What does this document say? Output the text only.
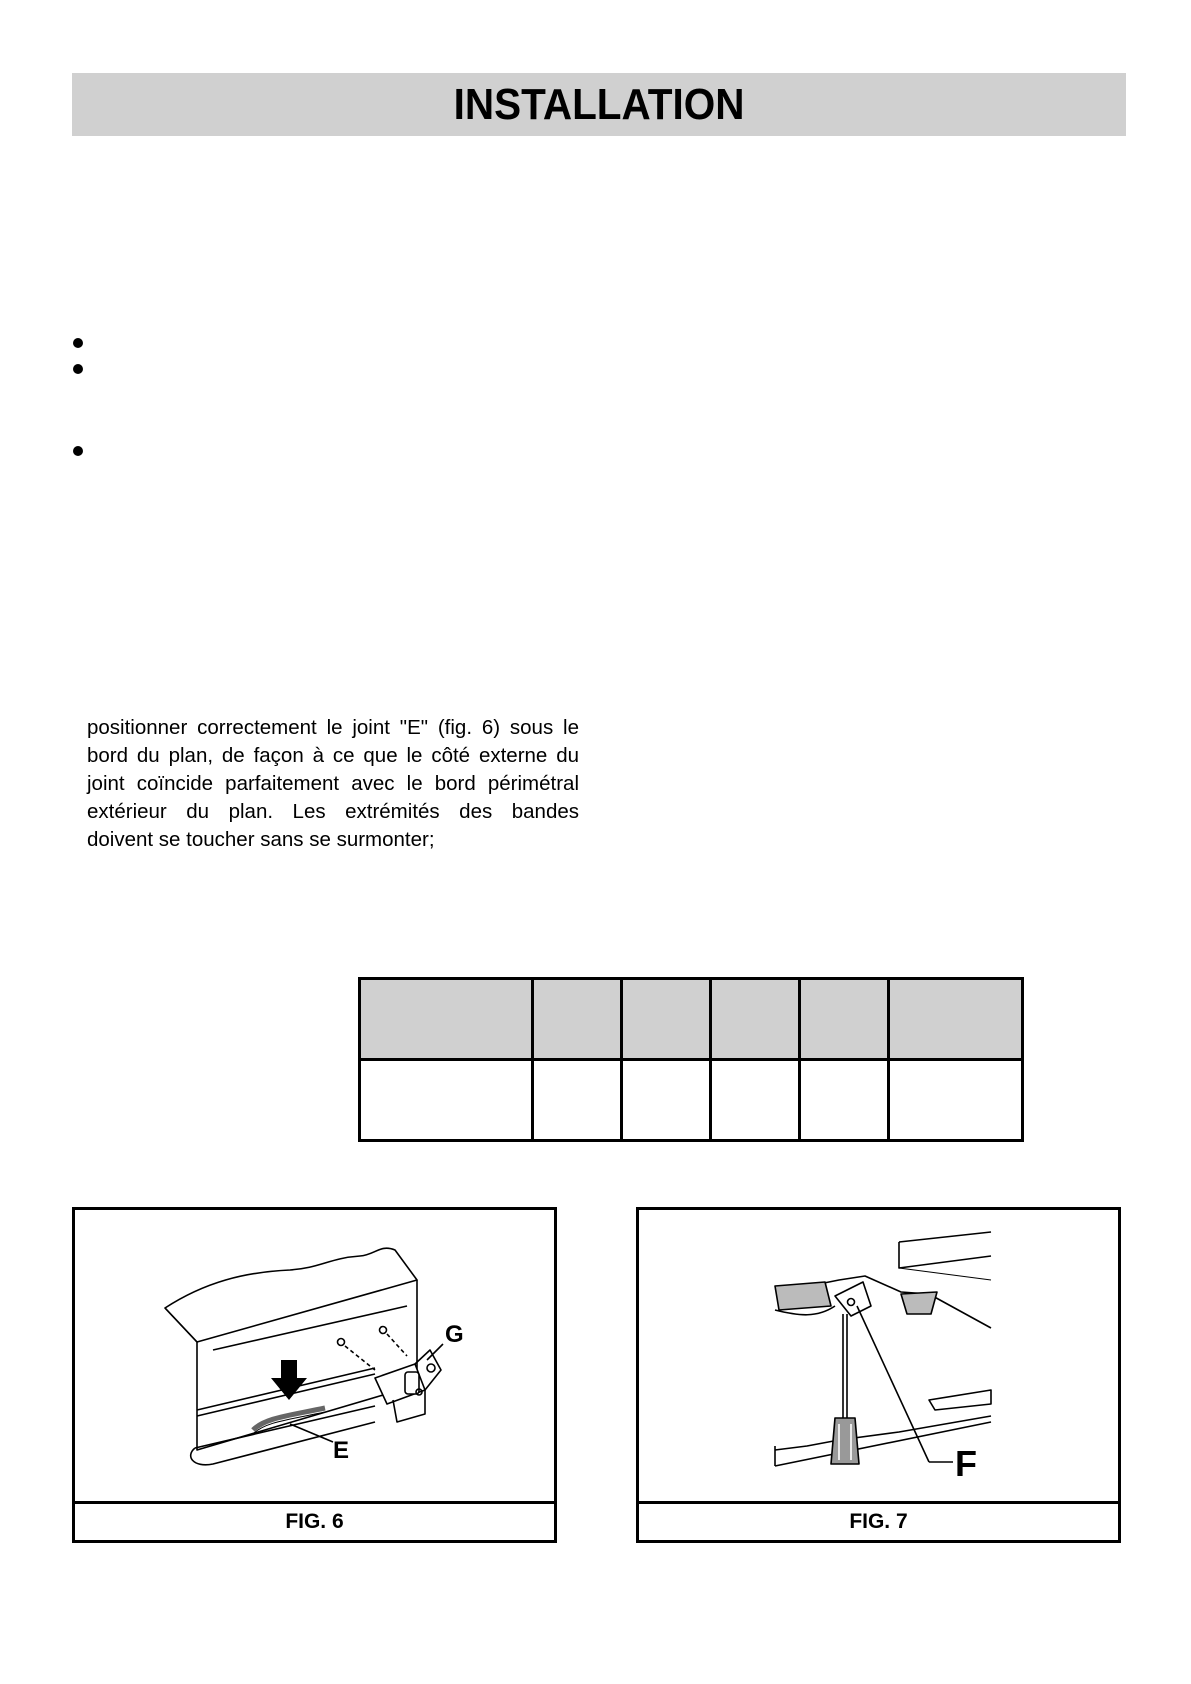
INSTALLATION
positionner correctement le joint "E" (fig. 6) sous le
bord du plan, de façon à ce que le côté externe du
joint coïncide parfaitement avec le bord périmétral
extérieur du plan. Les extrémités des bandes
doivent se toucher sans se surmonter;

G
E
FIG. 6
F
FIG. 7
